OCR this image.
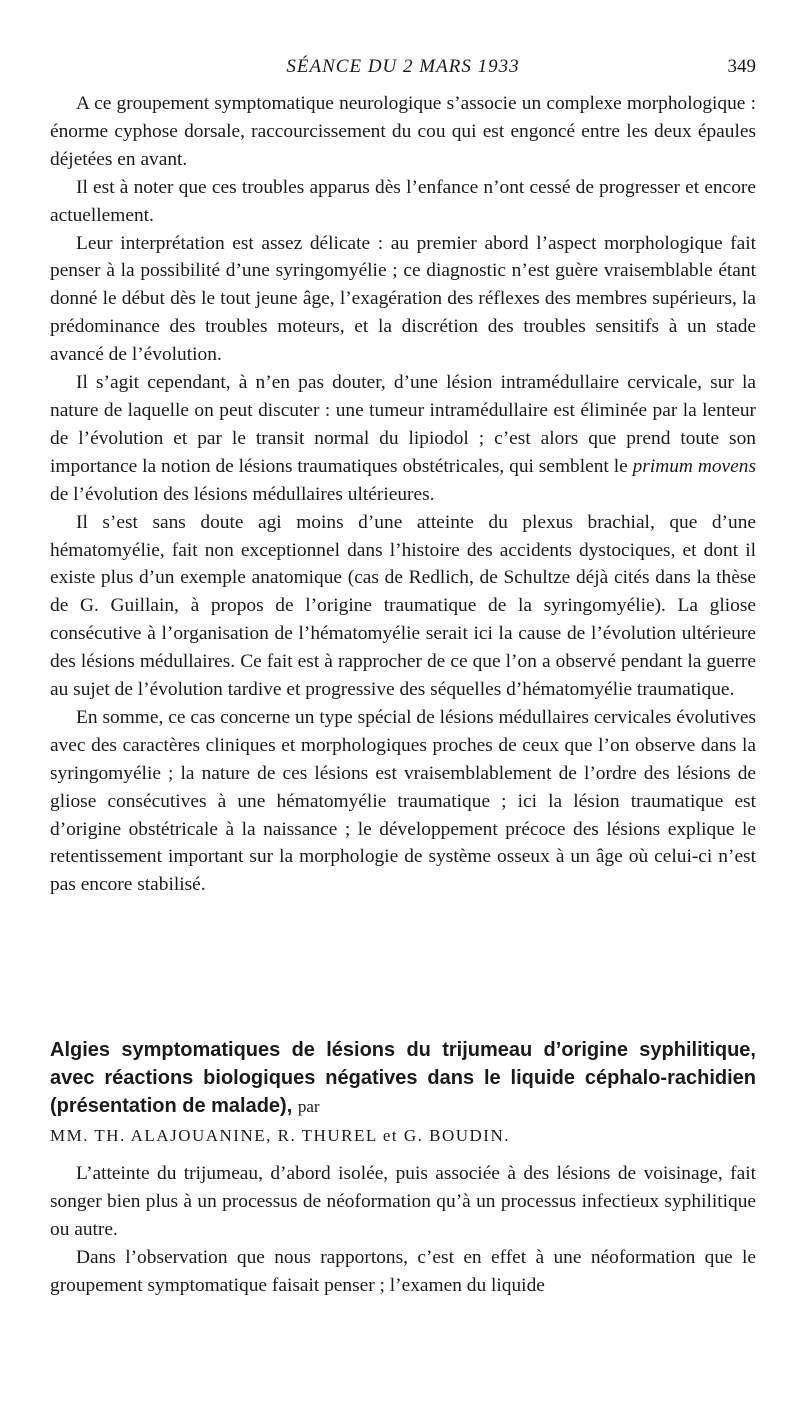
SÉANCE DU 2 MARS 1933	349

A ce groupement symptomatique neurologique s’associe un complexe morphologique : énorme cyphose dorsale, raccourcissement du cou qui est engoncé entre les deux épaules déjetées en avant.

Il est à noter que ces troubles apparus dès l’enfance n’ont cessé de progresser et encore actuellement.

Leur interprétation est assez délicate : au premier abord l’aspect morphologique fait penser à la possibilité d’une syringomyélie ; ce diagnostic n’est guère vraisemblable étant donné le début dès le tout jeune âge, l’exagération des réflexes des membres supérieurs, la prédominance des troubles moteurs, et la discrétion des troubles sensitifs à un stade avancé de l’évolution.

Il s’agit cependant, à n’en pas douter, d’une lésion intramédullaire cervicale, sur la nature de laquelle on peut discuter : une tumeur intramédullaire est éliminée par la lenteur de l’évolution et par le transit normal du lipiodol ; c’est alors que prend toute son importance la notion de lésions traumatiques obstétricales, qui semblent le primum movens de l’évolution des lésions médullaires ultérieures.

Il s’est sans doute agi moins d’une atteinte du plexus brachial, que d’une hématomyélie, fait non exceptionnel dans l’histoire des accidents dystociques, et dont il existe plus d’un exemple anatomique (cas de Redlich, de Schultze déjà cités dans la thèse de G. Guillain, à propos de l’origine traumatique de la syringomyélie). La gliose consécutive à l’organisation de l’hématomyélie serait ici la cause de l’évolution ultérieure des lésions médullaires. Ce fait est à rapprocher de ce que l’on a observé pendant la guerre au sujet de l’évolution tardive et progressive des séquelles d’hématomyélie traumatique.

En somme, ce cas concerne un type spécial de lésions médullaires cervicales évolutives avec des caractères cliniques et morphologiques proches de ceux que l’on observe dans la syringomyélie ; la nature de ces lésions est vraisemblablement de l’ordre des lésions de gliose consécutives à une hématomyélie traumatique ; ici la lésion traumatique est d’origine obstétricale à la naissance ; le développement précoce des lésions explique le retentissement important sur la morphologie de système osseux à un âge où celui-ci n’est pas encore stabilisé.

Algies symptomatiques de lésions du trijumeau d’origine syphilitique, avec réactions biologiques négatives dans le liquide céphalo-rachidien (présentation de malade), par
MM. TH. ALAJOUANINE, R. THUREL et G. BOUDIN.

L’atteinte du trijumeau, d’abord isolée, puis associée à des lésions de voisinage, fait songer bien plus à un processus de néoformation qu’à un processus infectieux syphilitique ou autre.

Dans l’observation que nous rapportons, c’est en effet à une néoformation que le groupement symptomatique faisait penser ; l’examen du liquide
